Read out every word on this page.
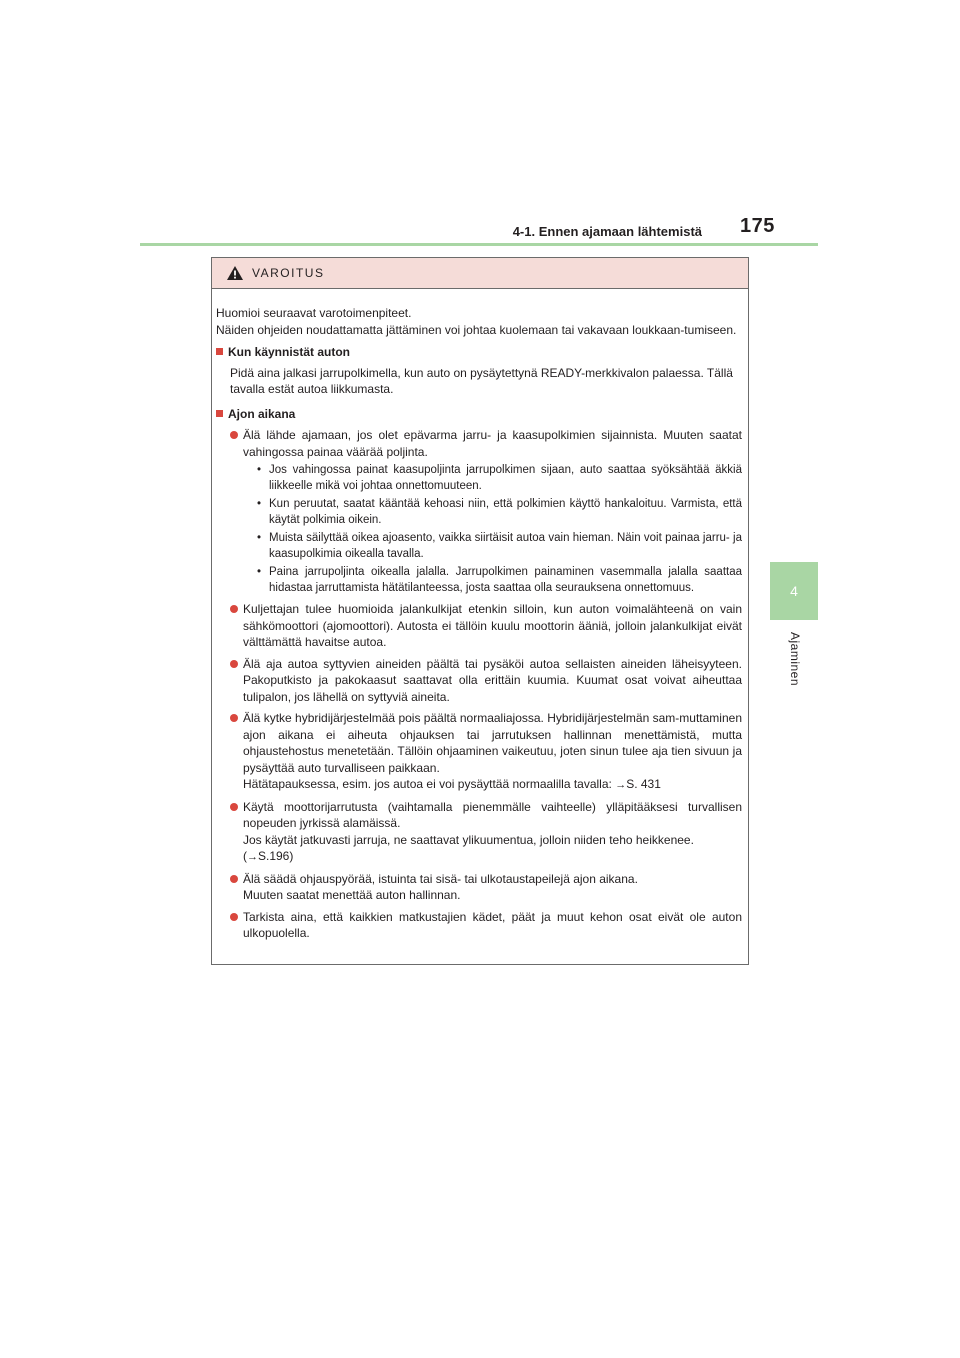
4-1. Ennen ajamaan lähtemistä 175
4
Ajaminen
VAROITUS

Huomioi seuraavat varotoimenpiteet.

Näiden ohjeiden noudattamatta jättäminen voi johtaa kuolemaan tai vakavaan loukkaan-tumiseen.

Kun käynnistät auton
Pidä aina jalkasi jarrupolkimella, kun auto on pysäytettynä READY-merkkivalon palaessa. Tällä tavalla estät autoa liikkumasta.
Ajon aikana
Älä lähde ajamaan, jos olet epävarma jarru- ja kaasupolkimien sijainnista. Muuten saatat vahingossa painaa väärää poljinta.
• Jos vahingossa painat kaasupoljinta jarrupolkimen sijaan, auto saattaa syöksähtää äkkiä liikkeelle mikä voi johtaa onnettomuuteen.
• Kun peruutat, saatat kääntää kehoasi niin, että polkimien käyttö hankaloituu. Varmista, että käytät polkimia oikein.
• Muista säilyttää oikea ajoasento, vaikka siirtäisit autoa vain hieman. Näin voit painaa jarru- ja kaasupolkimia oikealla tavalla.
• Paina jarrupoljinta oikealla jalalla. Jarrupolkimen painaminen vasemmalla jalalla saattaa hidastaa jarruttamista hätätilanteessa, josta saattaa olla seurauksena onnettomuus.
Kuljettajan tulee huomioida jalankulkijat etenkin silloin, kun auton voimalähteenä on vain sähkömoottori (ajomoottori). Autosta ei tällöin kuulu moottorin ääniä, jolloin jalankulkijat eivät välttämättä havaitse autoa.
Älä aja autoa syttyvien aineiden päältä tai pysäköi autoa sellaisten aineiden läheisyyteen. Pakoputkisto ja pakokaasut saattavat olla erittäin kuumia. Kuumat osat voivat aiheuttaa tulipalon, jos lähellä on syttyviä aineita.
Älä kytke hybridijärjestelmää pois päältä normaaliajossa. Hybridijärjestelmän sam-muttaminen ajon aikana ei aiheuta ohjauksen tai jarrutuksen hallinnan menettämistä, mutta ohjaustehostus menetetään. Tällöin ohjaaminen vaikeutuu, joten sinun tulee aja tien sivuun ja pysäyttää auto turvalliseen paikkaan.
Hätätapauksessa, esim. jos autoa ei voi pysäyttää normaalilla tavalla: →S. 431
Käytä moottorijarrutusta (vaihtamalla pienemmälle vaihteelle) ylläpitääksesi turvallisen nopeuden jyrkissä alamäissä.
Jos käytät jatkuvasti jarruja, ne saattavat ylikuumentua, jolloin niiden teho heikkenee.
(→S.196)
Älä säädä ohjauspyörää, istuinta tai sisä- tai ulkotaustapeilejä ajon aikana.
Muuten saatat menettää auton hallinnan.
Tarkista aina, että kaikkien matkustajien kädet, päät ja muut kehon osat eivät ole auton ulkopuolella.
